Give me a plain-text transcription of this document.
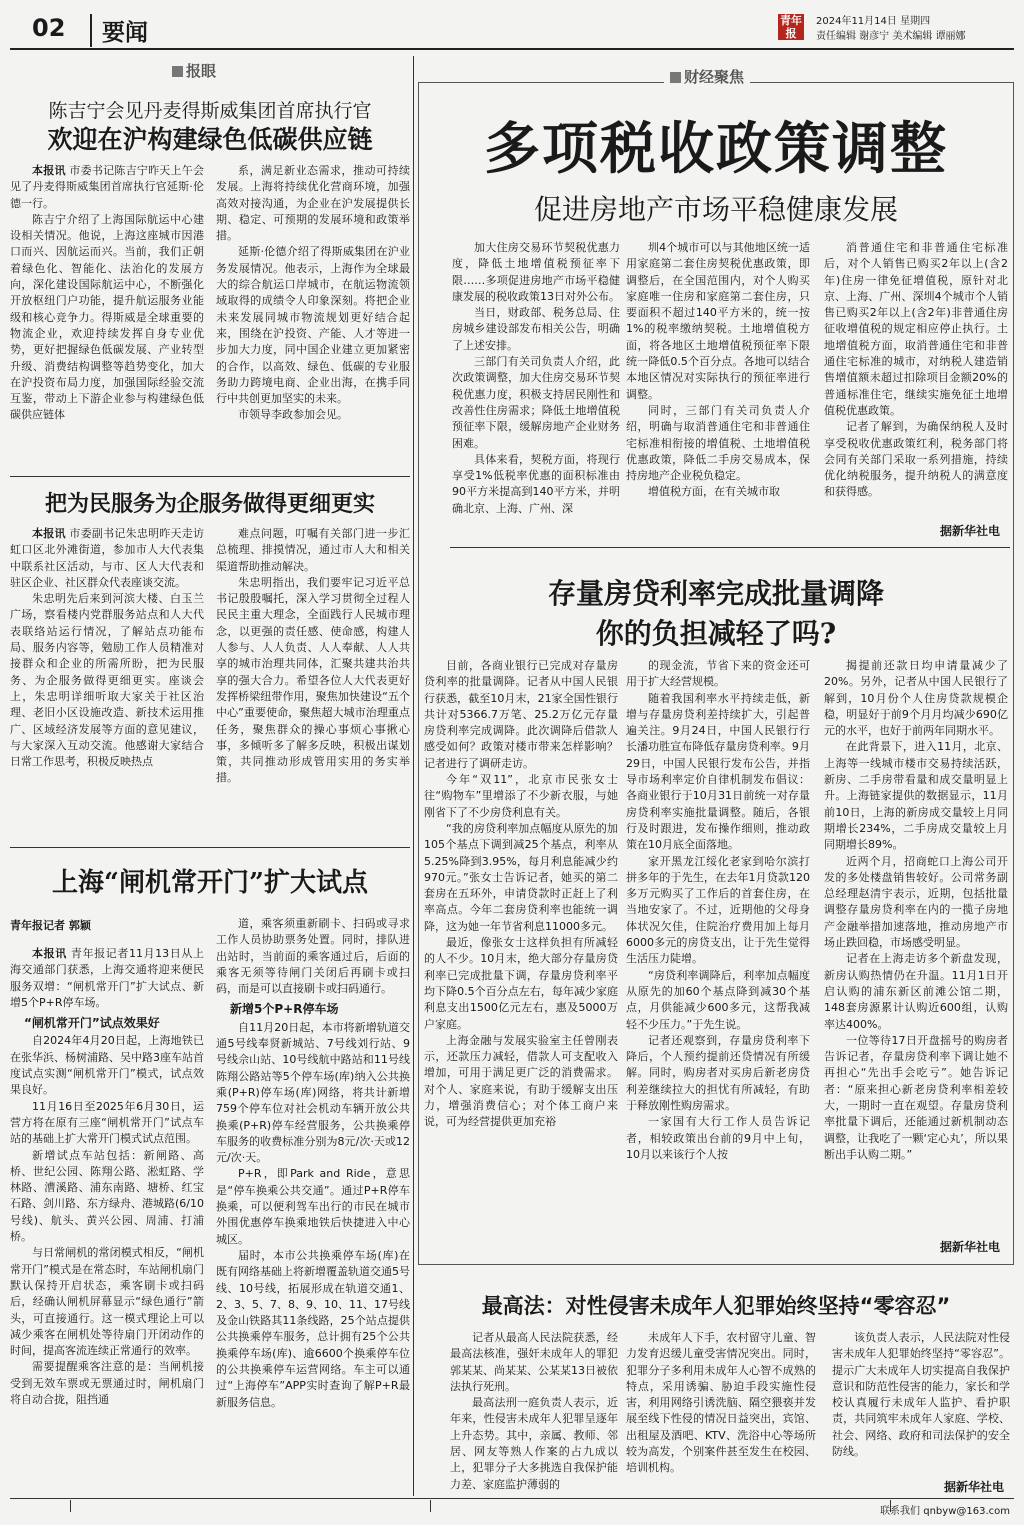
02	要闻	青年报
2024年11月14日 星期四
责任编辑 谢彦宁 美术编辑 谭丽娜
报眼
陈吉宁会见丹麦得斯威集团首席执行官
欢迎在沪构建绿色低碳供应链

本报讯 市委书记陈吉宁昨天上午会见了丹麦得斯威集团首席执行官延斯·伦德一行。

陈吉宁介绍了上海国际航运中心建设相关情况。他说，上海这座城市因港口而兴、因航运而兴。当前，我们正朝着绿色化、智能化、法治化的发展方向，深化建设国际航运中心，不断强化开放枢纽门户功能，提升航运服务业能级和核心竞争力。得斯威是全球重要的物流企业，欢迎持续发挥自身专业优势，更好把握绿色低碳发展、产业转型升级、消费结构调整等趋势变化，加大在沪投资布局力度，加强国际经验交流互鉴，带动上下游企业参与构建绿色低碳供应链体

系，满足新业态需求，推动可持续发展。上海将持续优化营商环境，加强高效对接沟通，为企业在沪发展提供长期、稳定、可预期的发展环境和政策举措。

延斯·伦德介绍了得斯威集团在沪业务发展情况。他表示，上海作为全球最大的综合航运口岸城市，在航运物流领域取得的成绩令人印象深刻。将把企业未来发展同城市物流规划更好结合起来，围绕在沪投资、产能、人才等进一步加大力度，同中国企业建立更加紧密的合作，以高效、绿色、低碳的专业服务助力跨境电商、企业出海，在携手同行中共创更加坚实的未来。

市领导李政参加会见。

把为民服务为企服务做得更细更实

本报讯 市委副书记朱忠明昨天走访虹口区北外滩街道，参加市人大代表集中联系社区活动，与市、区人大代表和驻区企业、社区群众代表座谈交流。

朱忠明先后来到河滨大楼、白玉兰广场，察看楼内党群服务站点和人大代表联络站运行情况，了解站点功能布局、服务内容等，勉励工作人员精准对接群众和企业的所需所盼，把为民服务、为企服务做得更细更实。座谈会上，朱忠明详细听取大家关于社区治理、老旧小区设施改造、新技术运用推广、区域经济发展等方面的意见建议，与大家深入互动交流。他感谢大家结合日常工作思考，积极反映热点

难点问题，叮嘱有关部门进一步汇总梳理、排摸情况，通过市人大和相关渠道帮助推动解决。

朱忠明指出，我们要牢记习近平总书记殷殷嘱托，深入学习贯彻全过程人民民主重大理念，全面践行人民城市理念，以更强的责任感、使命感，构建人人参与、人人负责、人人奉献、人人共享的城市治理共同体，汇聚共建共治共享的强大合力。希望各位人大代表更好发挥桥梁纽带作用，聚焦加快建设“五个中心”重要使命，聚焦超大城市治理重点任务，聚焦群众的操心事烦心事揪心事，多倾听多了解多反映，积极出谋划策，共同推动形成管用实用的务实举措。

上海“闸机常开门”扩大试点
青年报记者 郭颖

本报讯 青年报记者11月13日从上海交通部门获悉，上海交通将迎来便民服务双增：“闸机常开门”扩大试点、新增5个P+R停车场。

“闸机常开门”试点效果好

自2024年4月20日起，上海地铁已在张华浜、杨树浦路、吴中路3座车站首度试点实测“闸机常开门”模式，试点效果良好。

11月16日至2025年6月30日，运营方将在原有三座“闸机常开门”试点车站的基础上扩大常开门模式试点范围。

新增试点车站包括：新闸路、高桥、世纪公园、陈翔公路、淞虹路、学林路、漕溪路、浦东南路、塘桥、红宝石路、剑川路、东方绿舟、港城路(6/10号线)、航头、黄兴公园、周浦、打浦桥。

与日常闸机的常闭模式相反，“闸机常开门”模式是在常态时，车站闸机扇门默认保持开启状态，乘客刷卡或扫码后，经确认闸机屏幕显示“绿色通行”箭头，可直接通行。这一模式理论上可以减少乘客在闸机处等待扇门开闭动作的时间，提高客流连续正常通行的效率。

需要提醒乘客注意的是：当闸机接受到无效车票或无票通过时，闸机扇门将自动合拢，阻挡通

道，乘客须重新刷卡、扫码或寻求工作人员协助票务处置。同时，排队进出站时，当前面的乘客通过后，后面的乘客无须等待闸门关闭后再刷卡或扫码，而是可以直接刷卡或扫码通行。

新增5个P+R停车场

自11月20日起，本市将新增轨道交通5号线奉贤新城站、7号线刘行站、9号线佘山站、10号线航中路站和11号线陈翔公路站等5个停车场(库)纳入公共换乘(P+R)停车场(库)网络，将共计新增759个停车位对社会机动车辆开放公共换乘(P+R)停车经营服务，公共换乘停车服务的收费标准分别为8元/次·天或12元/次·天。

P+R，即Park and Ride，意思是“停车换乘公共交通”。通过P+R停车换乘，可以便利驾车出行的市民在城市外围优惠停车换乘地铁后快捷进入中心城区。

届时，本市公共换乘停车场(库)在既有网络基础上将新增覆盖轨道交通5号线、10号线，拓展形成在轨道交通1、2、3、5、7、8、9、10、11、17号线及金山铁路其11条线路，25个站点提供公共换乘停车服务，总计拥有25个公共换乘停车场(库)、逾6600个换乘停车位的公共换乘停车运营网络。车主可以通过“上海停车”APP实时查询了解P+R最新服务信息。

财经聚焦
多项税收政策调整
促进房地产市场平稳健康发展

加大住房交易环节契税优惠力度，降低土地增值税预征率下限……多项促进房地产市场平稳健康发展的税收政策13日对外公布。

当日，财政部、税务总局、住房城乡建设部发布相关公告，明确了上述安排。

三部门有关司负责人介绍，此次政策调整，加大住房交易环节契税优惠力度，积极支持居民刚性和改善性住房需求；降低土地增值税预征率下限，缓解房地产企业财务困难。

具体来看，契税方面，将现行享受1%低税率优惠的面积标准由90平方米提高到140平方米，并明确北京、上海、广州、深

圳4个城市可以与其他地区统一适用家庭第二套住房契税优惠政策，即调整后，在全国范围内，对个人购买家庭唯一住房和家庭第二套住房，只要面积不超过140平方米的，统一按1%的税率缴纳契税。土地增值税方面，将各地区土地增值税预征率下限统一降低0.5个百分点。各地可以结合本地区情况对实际执行的预征率进行调整。

同时，三部门有关司负责人介绍，明确与取消普通住宅和非普通住宅标准相衔接的增值税、土地增值税优惠政策，降低二手房交易成本，保持房地产企业税负稳定。

增值税方面，在有关城市取

消普通住宅和非普通住宅标准后，对个人销售已购买2年以上(含2年)住房一律免征增值税，原针对北京、上海、广州、深圳4个城市个人销售已购买2年以上(含2年)非普通住房征收增值税的规定相应停止执行。土地增值税方面，取消普通住宅和非普通住宅标准的城市，对纳税人建造销售增值额未超过扣除项目金额20%的普通标准住宅，继续实施免征土地增值税优惠政策。

记者了解到，为确保纳税人及时享受税收优惠政策红利，税务部门将会同有关部门采取一系列措施，持续优化纳税服务，提升纳税人的满意度和获得感。

据新华社电
你的负担减轻了吗?
存量房贷利率完成批量调降

目前，各商业银行已完成对存量房贷利率的批量调降。记者从中国人民银行获悉，截至10月末，21家全国性银行共计对5366.7万笔、25.2万亿元存量房贷利率完成调降。此次调降后借款人感受如何？政策对楼市带来怎样影响？记者进行了调研走访。

今年“双11”，北京市民张女士往“购物车”里增添了不少新衣服，与她刚省下了不少房贷利息有关。

“我的房贷利率加点幅度从原先的加105个基点下调到减25个基点，利率从5.25%降到3.95%，每月利息能减少约970元。”张女士告诉记者，她买的第二套房在五环外，申请贷款时正赶上了利率高点。今年二套房贷利率也能统一调降，这为她一年节省利息11000多元。

最近，像张女士这样负担有所减轻的人不少。10月末，绝大部分存量房贷利率已完成批量下调，存量房贷利率平均下降0.5个百分点左右，每年减少家庭利息支出1500亿元左右，惠及5000万户家庭。

上海金融与发展实验室主任曾刚表示，还款压力减轻，借款人可支配收入增加，可用于满足更广泛的消费需求。对个人、家庭来说，有助于缓解支出压力，增强消费信心；对个体工商户来说，可为经营提供更加充裕

的现金流，节省下来的资金还可用于扩大经营规模。

随着我国利率水平持续走低，新增与存量房贷利差持续扩大，引起普遍关注。9月24日，中国人民银行行长潘功胜宣布降低存量房贷利率。9月29日，中国人民银行发布公告，并指导市场利率定价自律机制发布倡议：各商业银行于10月31日前统一对存量房贷利率实施批量调整。随后，各银行及时跟进，发布操作细则，推动政策在10月底全面落地。

家开黑龙江绥化老家到哈尔滨打拼多年的于先生，在去年1月贷款120多万元购买了工作后的首套住房，在当地安家了。不过，近期他的父母身体状况欠佳，住院治疗费用加上每月6000多元的房贷支出，让于先生觉得生活压力陡增。

“房贷利率调降后，利率加点幅度从原先的加60个基点降到减30个基点，月供能减少600多元，这帮我减轻不少压力。”于先生说。

记者还观察到，存量房贷利率下降后，个人预约提前还贷情况有所缓解。同时，购房者对买房后新老房贷利差继续拉大的担忧有所减轻，有助于释放刚性购房需求。

一家国有大行工作人员告诉记者，相较政策出台前的9月中上旬，10月以来该行个人按

揭提前还款日均申请量减少了20%。另外，记者从中国人民银行了解到，10月份个人住房贷款规模企稳，明显好于前9个月月均减少690亿元的水平，也好于前两年同期水平。

在此背景下，进入11月，北京、上海等一线城市楼市交易持续活跃，新房、二手房带看量和成交量明显上升。上海链家提供的数据显示，11月前10日，上海的新房成交量较上月同期增长234%，二手房成交量较上月同期增长89%。

近两个月，招商蛇口上海公司开发的多处楼盘销售较好。公司常务副总经理赵清宇表示，近期，包括批量调整存量房贷利率在内的一揽子房地产金融举措加速落地，推动房地产市场止跌回稳，市场感受明显。

记者在上海走访多个新盘发现，新房认购热情仍在升温。11月1日开启认购的浦东新区前滩公馆二期，148套房源累计认购近600组，认购率达400%。

一位等待17日开盘摇号的购房者告诉记者，存量房贷利率下调让她不再担心“先出手会吃亏”。她告诉记者：“原来担心新老房贷利率相差较大，一期时一直在观望。存量房贷利率批量下调后，还能通过新机制动态调整，让我吃了一颗‘定心丸’，所以果断出手认购二期。”

据新华社电
最高法：对性侵害未成年人犯罪始终坚持“零容忍”

记者从最高人民法院获悉，经最高法核准，强奸未成年人的罪犯郭某某、尚某某、公某某13日被依法执行死刑。

最高法刑一庭负责人表示，近年来，性侵害未成年人犯罪呈逐年上升态势。其中，亲属、教师、邻居、网友等熟人作案的占九成以上，犯罪分子大多挑选自我保护能力差、家庭监护薄弱的

未成年人下手，农村留守儿童、智力发育迟缓儿童受害情况突出。同时，犯罪分子多利用未成年人心智不成熟的特点，采用诱骗、胁迫手段实施性侵害，利用网络引诱洗脑、隔空猥亵并发展至线下性侵的情况日益突出，宾馆、出租屋及酒吧、KTV、洗浴中心等场所较为高发，个别案件甚至发生在校园、培训机构。

该负责人表示，人民法院对性侵害未成年人犯罪始终坚持“零容忍”。提示广大未成年人切实提高自我保护意识和防范性侵害的能力，家长和学校认真履行未成年人监护、看护职责，共同筑牢未成年人家庭、学校、社会、网络、政府和司法保护的安全防线。

据新华社电
联系我们 qnbyw@163.com
